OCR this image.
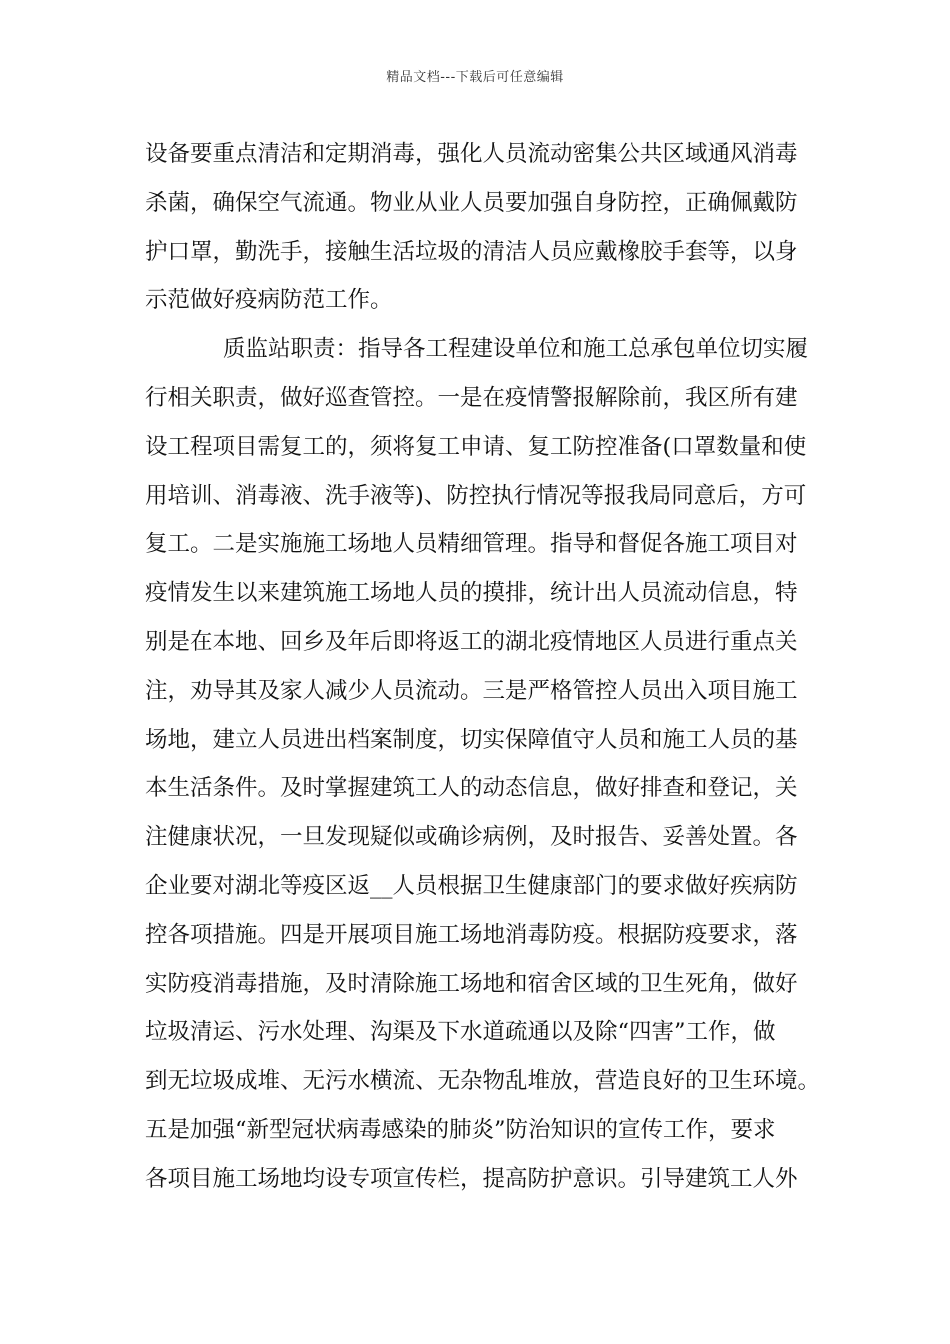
精品文档---下载后可任意编辑
设备要重点清洁和定期消毒，强化人员流动密集公共区域通风消毒
杀菌，确保空气流通。物业从业人员要加强自身防控，正确佩戴防
护口罩，勤洗手，接触生活垃圾的清洁人员应戴橡胶手套等，以身
示范做好疫病防范工作。
质监站职责：指导各工程建设单位和施工总承包单位切实履
行相关职责，做好巡查管控。一是在疫情警报解除前，我区所有建
设工程项目需复工的，须将复工申请、复工防控准备(口罩数量和使
用培训、消毒液、洗手液等)、防控执行情况等报我局同意后，方可
复工。二是实施施工场地人员精细管理。指导和督促各施工项目对
疫情发生以来建筑施工场地人员的摸排，统计出人员流动信息，特
别是在本地、回乡及年后即将返工的湖北疫情地区人员进行重点关
注，劝导其及家人减少人员流动。三是严格管控人员出入项目施工
场地，建立人员进出档案制度，切实保障值守人员和施工人员的基
本生活条件。及时掌握建筑工人的动态信息，做好排查和登记，关
注健康状况，一旦发现疑似或确诊病例，及时报告、妥善处置。各
企业要对湖北等疫区返__人员根据卫生健康部门的要求做好疾病防
控各项措施。四是开展项目施工场地消毒防疫。根据防疫要求，落
实防疫消毒措施，及时清除施工场地和宿舍区域的卫生死角，做好
垃圾清运、污水处理、沟渠及下水道疏通以及除“四害”工作，做
到无垃圾成堆、无污水横流、无杂物乱堆放，营造良好的卫生环境。
五是加强“新型冠状病毒感染的肺炎”防治知识的宣传工作，要求
各项目施工场地均设专项宣传栏，提高防护意识。引导建筑工人外
